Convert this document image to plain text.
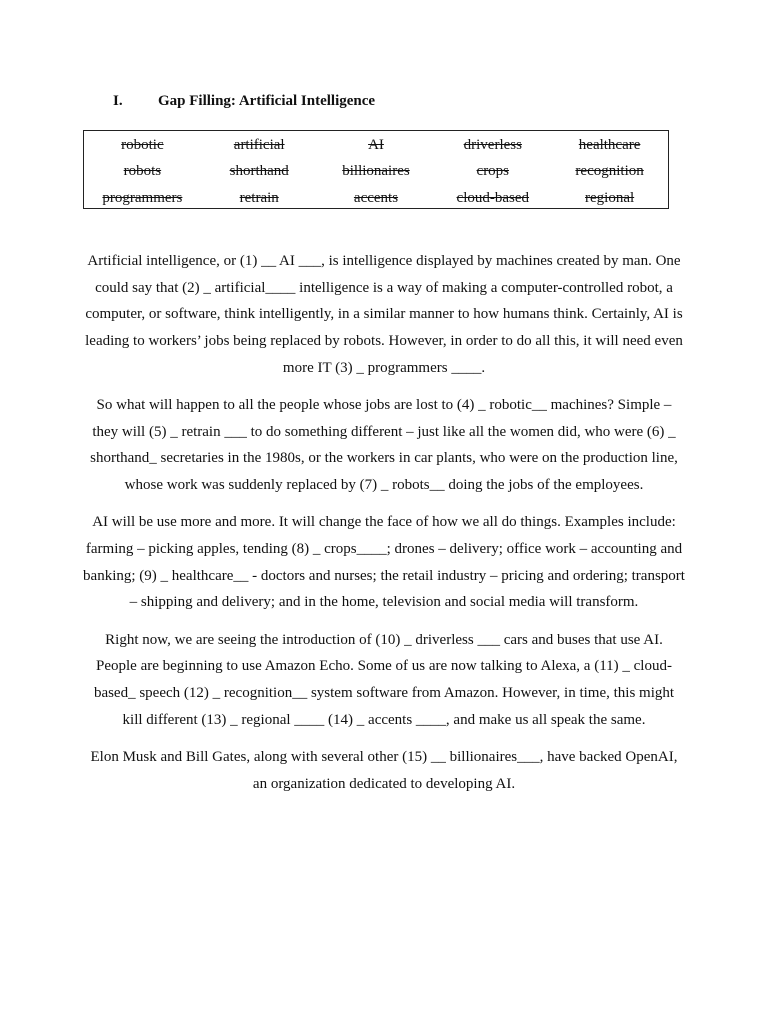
I. Gap Filling: Artificial Intelligence
robotic	artificial	AI	driverless	healthcare
robots	shorthand	billionaires	crops	recognition
programmers	retrain	accents	cloud-based	regional

Artificial intelligence, or (1) __ AI ___, is intelligence displayed by machines created by man. One could say that (2) _ artificial____ intelligence is a way of making a computer-controlled robot, a computer, or software, think intelligently, in a similar manner to how humans think. Certainly, AI is leading to workers’ jobs being replaced by robots. However, in order to do all this, it will need even more IT (3) _ programmers ____.

So what will happen to all the people whose jobs are lost to (4) _ robotic__ machines? Simple – they will (5) _ retrain ___ to do something different – just like all the women did, who were (6) _ shorthand_ secretaries in the 1980s, or the workers in car plants, who were on the production line, whose work was suddenly replaced by (7) _ robots__ doing the jobs of the employees.

AI will be use more and more. It will change the face of how we all do things. Examples include: farming – picking apples, tending (8) _ crops____; drones – delivery; office work – accounting and banking; (9) _ healthcare__ - doctors and nurses; the retail industry – pricing and ordering; transport – shipping and delivery; and in the home, television and social media will transform.

Right now, we are seeing the introduction of (10) _ driverless ___ cars and buses that use AI. People are beginning to use Amazon Echo. Some of us are now talking to Alexa, a (11) _ cloud-based_ speech (12) _ recognition__ system software from Amazon. However, in time, this might kill different (13) _ regional ____ (14) _ accents ____, and make us all speak the same.

Elon Musk and Bill Gates, along with several other (15) __ billionaires___, have backed OpenAI, an organization dedicated to developing AI.
